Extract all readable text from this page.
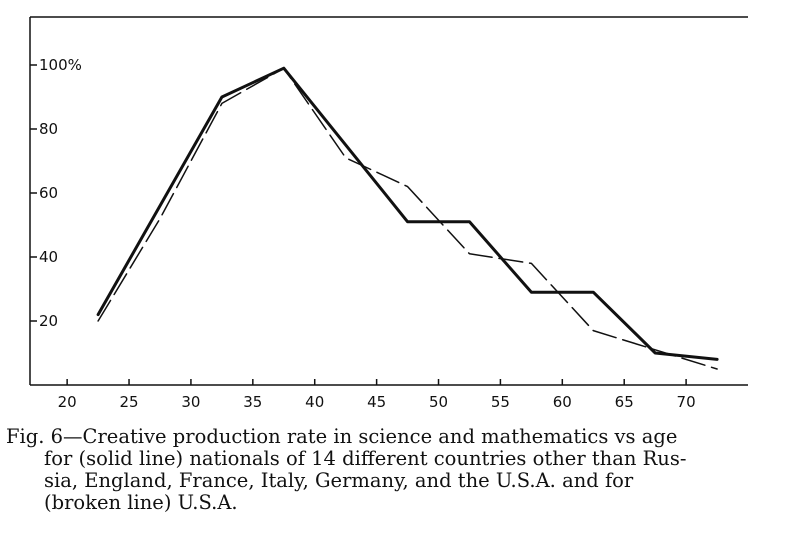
20
40
60
80
100%
20	25	30	35	40	45	50	55	60	65	70

Fig. 6—Creative production rate in science and mathematics vs age
for (solid line) nationals of 14 different countries other than Rus-
sia, England, France, Italy, Germany, and the U.S.A. and for
(broken line) U.S.A.
